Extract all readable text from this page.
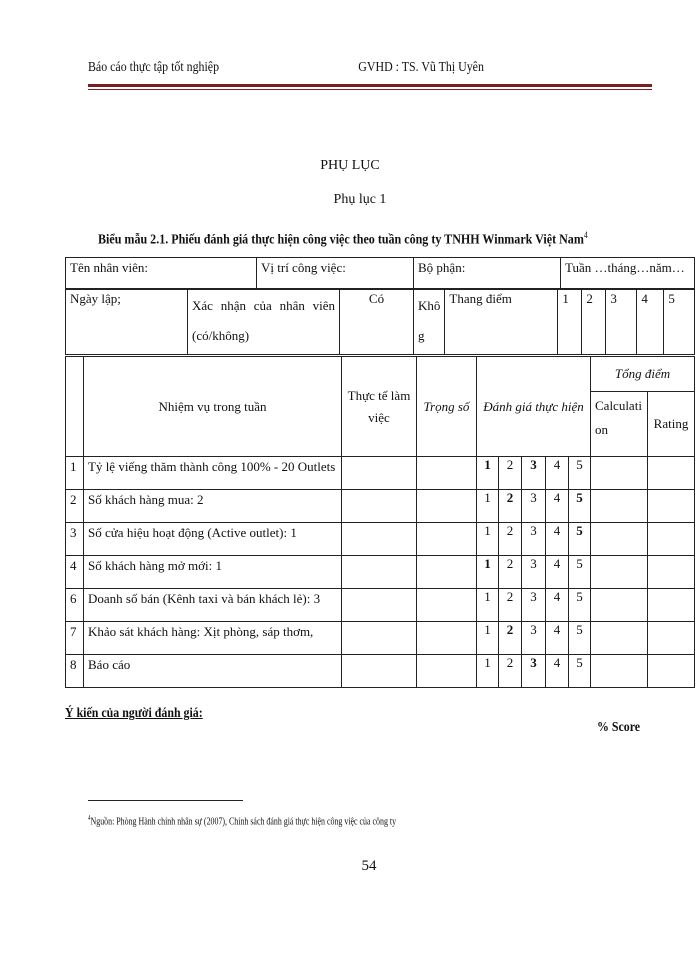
Báo cáo thực tập tốt nghiệp	GVHD : TS. Vũ Thị Uyên
PHỤ LỤC
Phụ lục 1
Biểu mẫu 2.1. Phiếu đánh giá thực hiện công việc theo tuần công ty TNHH Winmark Việt Nam$^4$
Tên nhân viên:	Vị trí công việc:	Bộ phận:	Tuần …tháng…năm…
Ngày lập;	Xác nhận của nhân viên (có/không)	Có	Khô g	Thang điểm	1	2	3	4	5
	Nhiệm vụ trong tuần	Thực tế làm việc	Trọng số	Đánh giá thực hiện					Tổng điểm	
									Calculati on	Rating
1	Tỷ lệ viếng thăm thành công 100% - 20 Outlets			1	2	3	4	5		
2	Số khách hàng mua: 2			1	2	3	4	5		
3	Số cửa hiệu hoạt động (Active outlet): 1			1	2	3	4	5		
4	Số khách hàng mở mới: 1			1	2	3	4	5		
6	Doanh số bán (Kênh taxi và bán khách lẻ): 3			1	2	3	4	5		
7	Khảo sát khách hàng: Xịt phòng, sáp thơm,			1	2	3	4	5		
8	Báo cáo			1	2	3	4	5		
Ý kiến của người đánh giá:
% Score
$^4$Nguồn: Phòng Hành chính nhân sự (2007), Chính sách đánh giá thực hiện công việc của công ty
54
